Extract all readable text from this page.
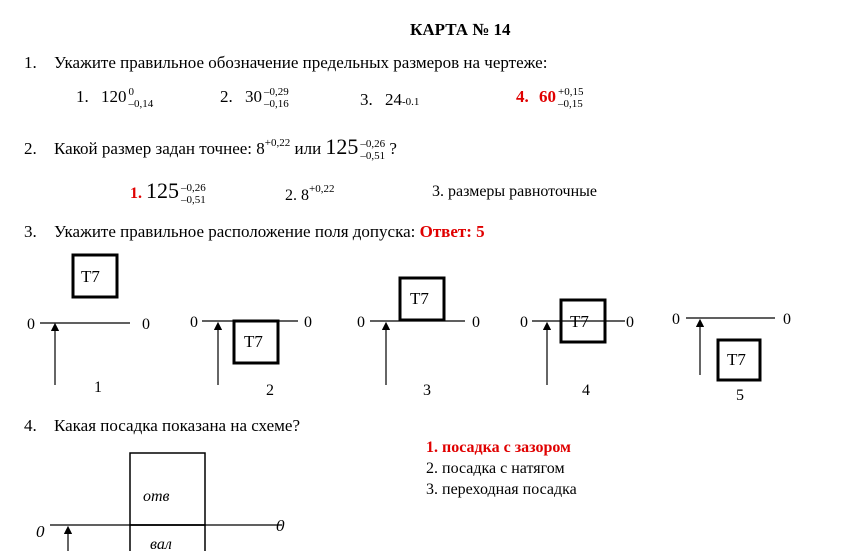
КАРТА № 14
1. Укажите правильное обозначение предельных размеров на чертеже:
1. 120 0
–0,14	2. 30 –0,29
–0,16	3. 24-0.1	4. 60 +0,15
–0,15
2. Какой размер задан точнее: $8^{+0,22}$ или 125 –0,26
–0,51 ?
1. 125 –0,26
–0,51	2. $8^{+0,22}$	3. размеры равноточные
3. Укажите правильное расположение поля допуска: Ответ: 5
Т7
0	0
1
0	0
Т7
2
Т7
0	0
3
Т7
0	0
4
0	0
Т7
5
отв
0	0
вал
4. Какая посадка показана на схеме?
1. посадка с зазором
2. посадка с натягом
3. переходная посадка
